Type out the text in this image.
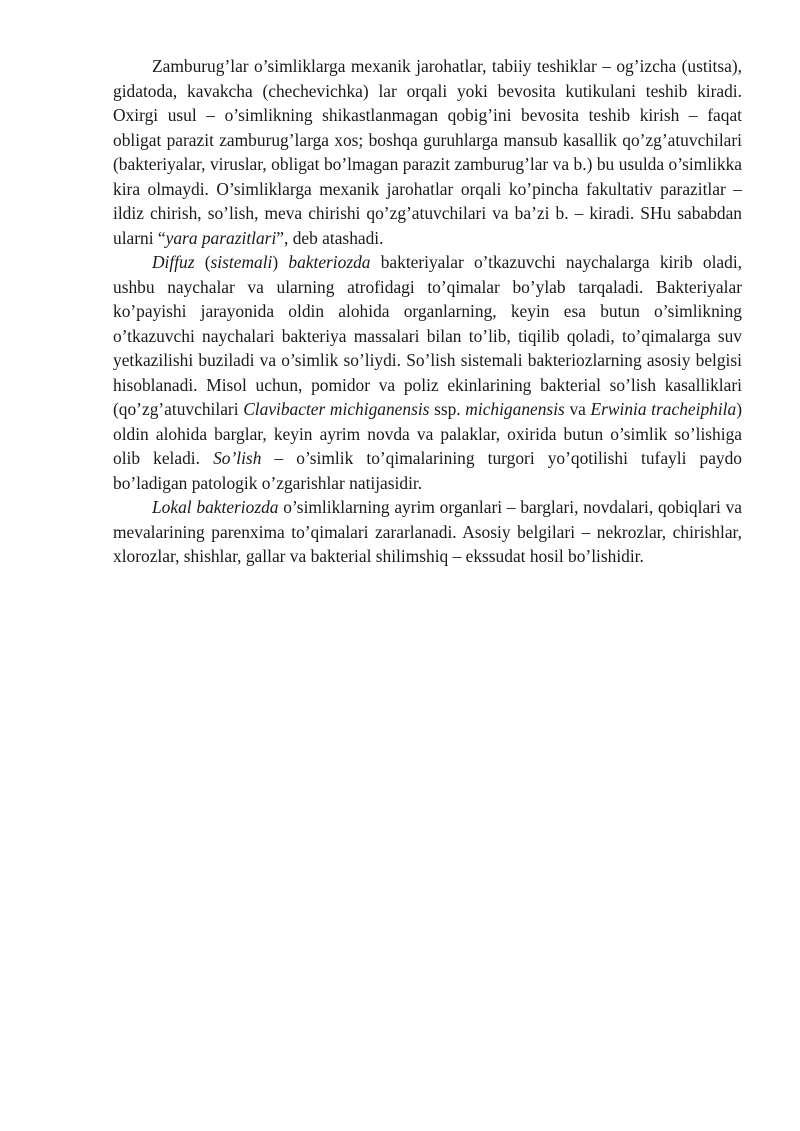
Zamburug’lar o’simliklarga mexanik jarohatlar, tabiiy teshiklar – og’izcha (ustitsa), gidatoda, kavakcha (chechevichka) lar orqali yoki bevosita kutikulani teshib kiradi. Oxirgi usul – o’simlikning shikastlanmagan qobig’ini bevosita teshib kirish – faqat obligat parazit zamburug’larga xos; boshqa guruhlarga mansub kasallik qo’zg’atuvchilari (bakteriyalar, viruslar, obligat bo’lmagan parazit zamburug’lar va b.) bu usulda o’simlikka kira olmaydi. O’simliklarga mexanik jarohatlar orqali ko’pincha fakultativ parazitlar – ildiz chirish, so’lish, meva chirishi qo’zg’atuvchilari va ba’zi b. – kiradi. SHu sababdan ularni “yara parazitlari”, deb atashadi.

Diffuz (sistemali) bakteriozda bakteriyalar o’tkazuvchi naychalarga kirib oladi, ushbu naychalar va ularning atrofidagi to’qimalar bo’ylab tarqaladi. Bakteriyalar ko’payishi jarayonida oldin alohida organlarning, keyin esa butun o’simlikning o’tkazuvchi naychalari bakteriya massalari bilan to’lib, tiqilib qoladi, to’qimalarga suv yetkazilishi buziladi va o’simlik so’liydi. So’lish sistemali bakteriozlarning asosiy belgisi hisoblanadi. Misol uchun, pomidor va poliz ekinlarining bakterial so’lish kasalliklari (qo’zg’atuvchilari Clavibacter michiganensis ssp. michiganensis va Erwinia tracheiphila) oldin alohida barglar, keyin ayrim novda va palaklar, oxirida butun o’simlik so’lishiga olib keladi. So’lish – o’simlik to’qimalarining turgori yo’qotilishi tufayli paydo bo’ladigan patologik o’zgarishlar natijasidir.

Lokal bakteriozda o’simliklarning ayrim organlari – barglari, novdalari, qobiqlari va mevalarining parenxima to’qimalari zararlanadi. Asosiy belgilari – nekrozlar, chirishlar, xlorozlar, shishlar, gallar va bakterial shilimshiq – ekssudat hosil bo’lishidir.
